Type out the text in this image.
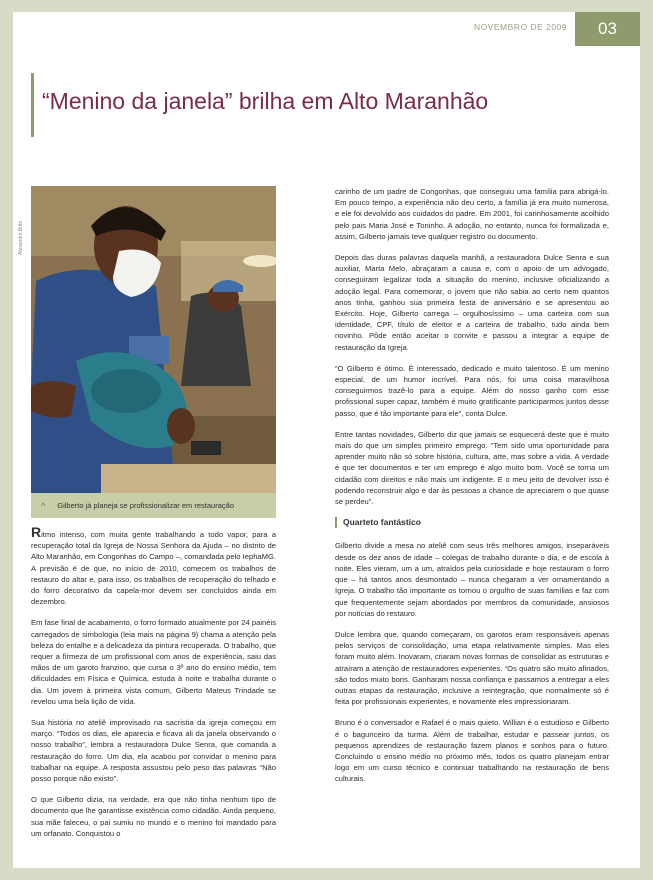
NOVEMBRO DE 2009	03
“Menino da janela” brilha em Alto Maranhão
Alexandre Brito
^ Gilberto já planeja se profissionalizar em restauração

Ritmo intenso, com muita gente trabalhando a todo vapor, para a recuperação total da Igreja de Nossa Senhora da Ajuda – no distrito de Alto Maranhão, em Congonhas do Campo –, comandada pelo IephaMG. A previsão é de que, no início de 2010, comecem os trabalhos de restauro do altar e, para isso, os trabalhos de recuperação do telhado e do forro decorativo da capela-mor devem ser concluídos ainda em dezembro.

Em fase final de acabamento, o forro formado atualmente por 24 painéis carregados de simbologia (leia mais na página 9) chama a atenção pela beleza do entalhe e a delicadeza da pintura recuperada. O trabalho, que requer a firmeza de um profissional com anos de experiência, saiu das mãos de um garoto franzino, que cursa o 3º ano do ensino médio, tem dificuldades em Física e Química, estuda à noite e trabalha durante o dia. Um jovem à primeira vista comum, Gilberto Mateus Trindade se revelou uma bela lição de vida.

Sua história no ateliê improvisado na sacristia da igreja começou em março. “Todos os dias, ele aparecia e ficava ali da janela observando o nosso trabalho”, lembra a restauradora Dulce Senra, que comanda a restauração do forro. Um dia, ela acabou por convidar o menino para trabalhar na equipe. A resposta assustou pelo peso das palavras “Não posso porque não existo”.

O que Gilberto dizia, na verdade, era que não tinha nenhum tipo de documento que lhe garantisse existência como cidadão. Ainda pequeno, sua mãe faleceu, o pai sumiu no mundo e o menino foi mandado para um orfanato. Conquistou o

carinho de um padre de Congonhas, que conseguiu uma família para abrigá-lo. Em pouco tempo, a experiência não deu certo, a família já era muito numerosa, e ele foi devolvido aos cuidados do padre. Em 2001, foi carinhosamente acolhido pelo pais Maria José e Toninho. A adoção, no entanto, nunca foi formalizada e, assim, Gilberto jamais teve qualquer registro ou documento.

Depois das duras palavras daquela manhã, a restauradora Dulce Senra e sua auxiliar, Marta Melo, abraçaram a causa e, com o apoio de um advogado, conseguiram legalizar toda a situação do menino, inclusive oficializando a adoção legal. Para comemorar, o jovem que não sabia ao certo nem quantos anos tinha, ganhou sua primeira festa de aniversário e se apresentou ao Exército. Hoje, Gilberto carrega – orgulhosíssimo – uma carteira com sua identidade, CPF, título de eleitor e a carteira de trabalho, tudo ainda bem novinho. Pôde então aceitar o convite e passou a integrar a equipe de restauração da Igreja.

“O Gilberto é ótimo. É interessado, dedicado e muito talentoso. É um menino especial, de um humor incrível. Para nós, foi uma coisa maravilhosa conseguirmos trazê-lo para a equipe. Além do nosso ganho com esse profissional super capaz, também é muito gratificante participarmos juntos desse passo, que é tão importante para ele”, conta Dulce.

Entre tantas novidades, Gilberto diz que jamais se esquecerá deste que é muito mais do que um simples primeiro emprego. “Tem sido uma oportunidade para aprender muito não só sobre história, cultura, arte, mas sobre a vida. A verdade é que ter documentos e ter um emprego é algo muito bom. Você se torna um cidadão com direitos e não mais um indigente. E o meu jeito de devolver isso é podendo reconstruir algo e dar às pessoas a chance de apreciarem o que quase se perdeu”.

Quarteto fantástico

Gilberto divide a mesa no ateliê com seus três melhores amigos, inseparáveis desde os dez anos de idade – colegas de trabalho durante o dia, e de escola à noite. Eles vieram, um a um, atraídos pela curiosidade e hoje restauram o forro que – há tantos anos desmontado – nunca chegaram a ver ornamentando a Igreja. O trabalho tão importante os tornou o orgulho de suas famílias e faz com que frequentemente sejam abordados por membros da comunidade, ansiosos por notícias do restauro.

Dulce lembra que, quando começaram, os garotos eram responsáveis apenas pelos serviços de consolidação, uma etapa relativamente simples. Mas eles foram muito além. Inovaram, criaram novas formas de consolidar as estruturas e atraíram a atenção de restauradores experientes. “Os quatro são muito afinados, são todos muito bons. Ganharam nossa confiança e passamos a entregar a eles outras etapas da restauração, inclusive a reintegração, que normalmente só é feita por profissionais experientes, e novamente eles impressionaram.

Bruno é o conversador e Rafael é o mais quieto. Willian é o estudioso e Gilberto é o bagunceiro da turma. Além de trabalhar, estudar e passear juntos, os pequenos aprendizes de restauração fazem planos e sonhos para o futuro. Concluindo o ensino médio no próximo mês, todos os quatro planejam entrar logo em um curso técnico e continuar trabalhando na restauração de bens culturais.
